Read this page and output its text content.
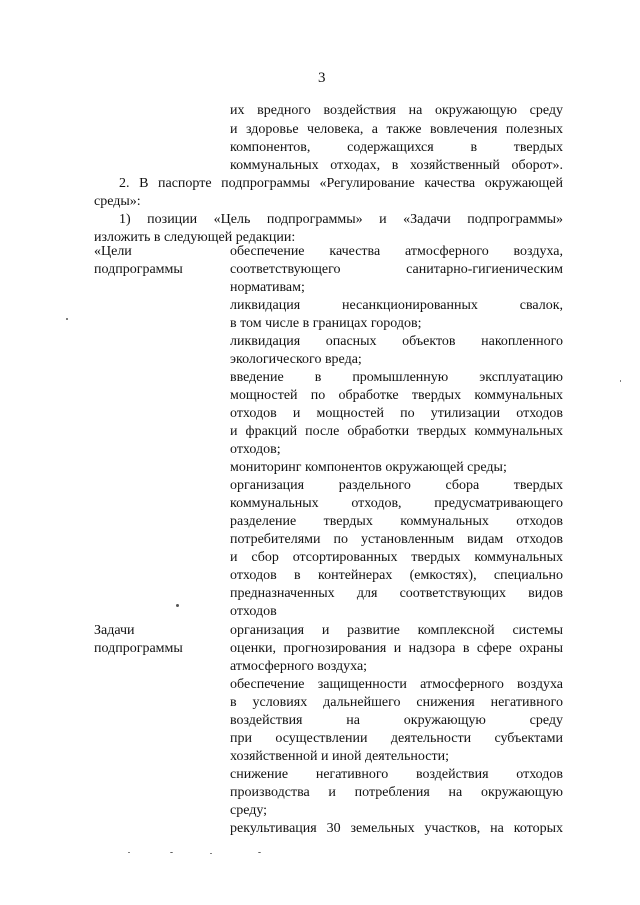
3
их вредного воздействия на окружающую среду
и здоровье человека, а также вовлечения полезных
компонентов, содержащихся в твердых
коммунальных отходах, в хозяйственный оборот».
2. В паспорте подпрограммы «Регулирование качества окружающей
среды»:
1) позиции «Цель подпрограммы» и «Задачи подпрограммы»
изложить в следующей редакции:
«Цели
подпрограммы
обеспечение качества атмосферного воздуха,
соответствующего санитарно-гигиеническим
нормативам;
ликвидация несанкционированных свалок,
в том числе в границах городов;
ликвидация опасных объектов накопленного
экологического вреда;
введение в промышленную эксплуатацию
мощностей по обработке твердых коммунальных
отходов и мощностей по утилизации отходов
и фракций после обработки твердых коммунальных
отходов;
мониторинг компонентов окружающей среды;
организация раздельного сбора твердых
коммунальных отходов, предусматривающего
разделение твердых коммунальных отходов
потребителями по установленным видам отходов
и сбор отсортированных твердых коммунальных
отходов в контейнерах (емкостях), специально
предназначенных для соответствующих видов
отходов
Задачи
подпрограммы
организация и развитие комплексной системы
оценки, прогнозирования и надзора в сфере охраны
атмосферного воздуха;
обеспечение защищенности атмосферного воздуха
в условиях дальнейшего снижения негативного
воздействия на окружающую среду
при осуществлении деятельности субъектами
хозяйственной и иной деятельности;
снижение негативного воздействия отходов
производства и потребления на окружающую
среду;
рекультивация 30 земельных участков, на которых
